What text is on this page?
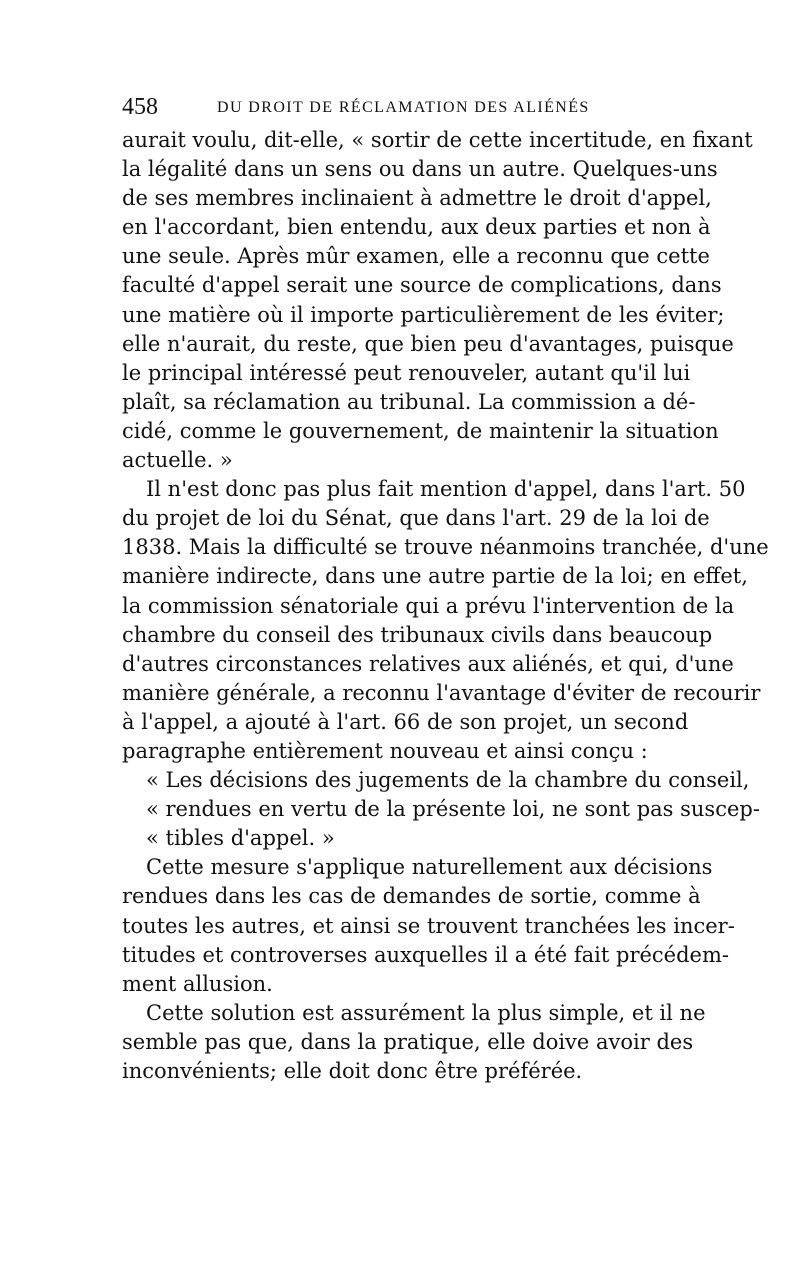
458	DU DROIT DE RÉCLAMATION DES ALIÉNÉS
aurait voulu, dit-elle, « sortir de cette incertitude, en fixant
la légalité dans un sens ou dans un autre. Quelques-uns
de ses membres inclinaient à admettre le droit d'appel,
en l'accordant, bien entendu, aux deux parties et non à
une seule. Après mûr examen, elle a reconnu que cette
faculté d'appel serait une source de complications, dans
une matière où il importe particulièrement de les éviter;
elle n'aurait, du reste, que bien peu d'avantages, puisque
le principal intéressé peut renouveler, autant qu'il lui
plaît, sa réclamation au tribunal. La commission a dé-
cidé, comme le gouvernement, de maintenir la situation
actuelle. »
Il n'est donc pas plus fait mention d'appel, dans l'art. 50
du projet de loi du Sénat, que dans l'art. 29 de la loi de
1838. Mais la difficulté se trouve néanmoins tranchée, d'une
manière indirecte, dans une autre partie de la loi; en effet,
la commission sénatoriale qui a prévu l'intervention de la
chambre du conseil des tribunaux civils dans beaucoup
d'autres circonstances relatives aux aliénés, et qui, d'une
manière générale, a reconnu l'avantage d'éviter de recourir
à l'appel, a ajouté à l'art. 66 de son projet, un second
paragraphe entièrement nouveau et ainsi conçu :
« Les décisions des jugements de la chambre du conseil,
« rendues en vertu de la présente loi, ne sont pas suscep-
« tibles d'appel. »
Cette mesure s'applique naturellement aux décisions
rendues dans les cas de demandes de sortie, comme à
toutes les autres, et ainsi se trouvent tranchées les incer-
titudes et controverses auxquelles il a été fait précédem-
ment allusion.
Cette solution est assurément la plus simple, et il ne
semble pas que, dans la pratique, elle doive avoir des
inconvénients; elle doit donc être préférée.
